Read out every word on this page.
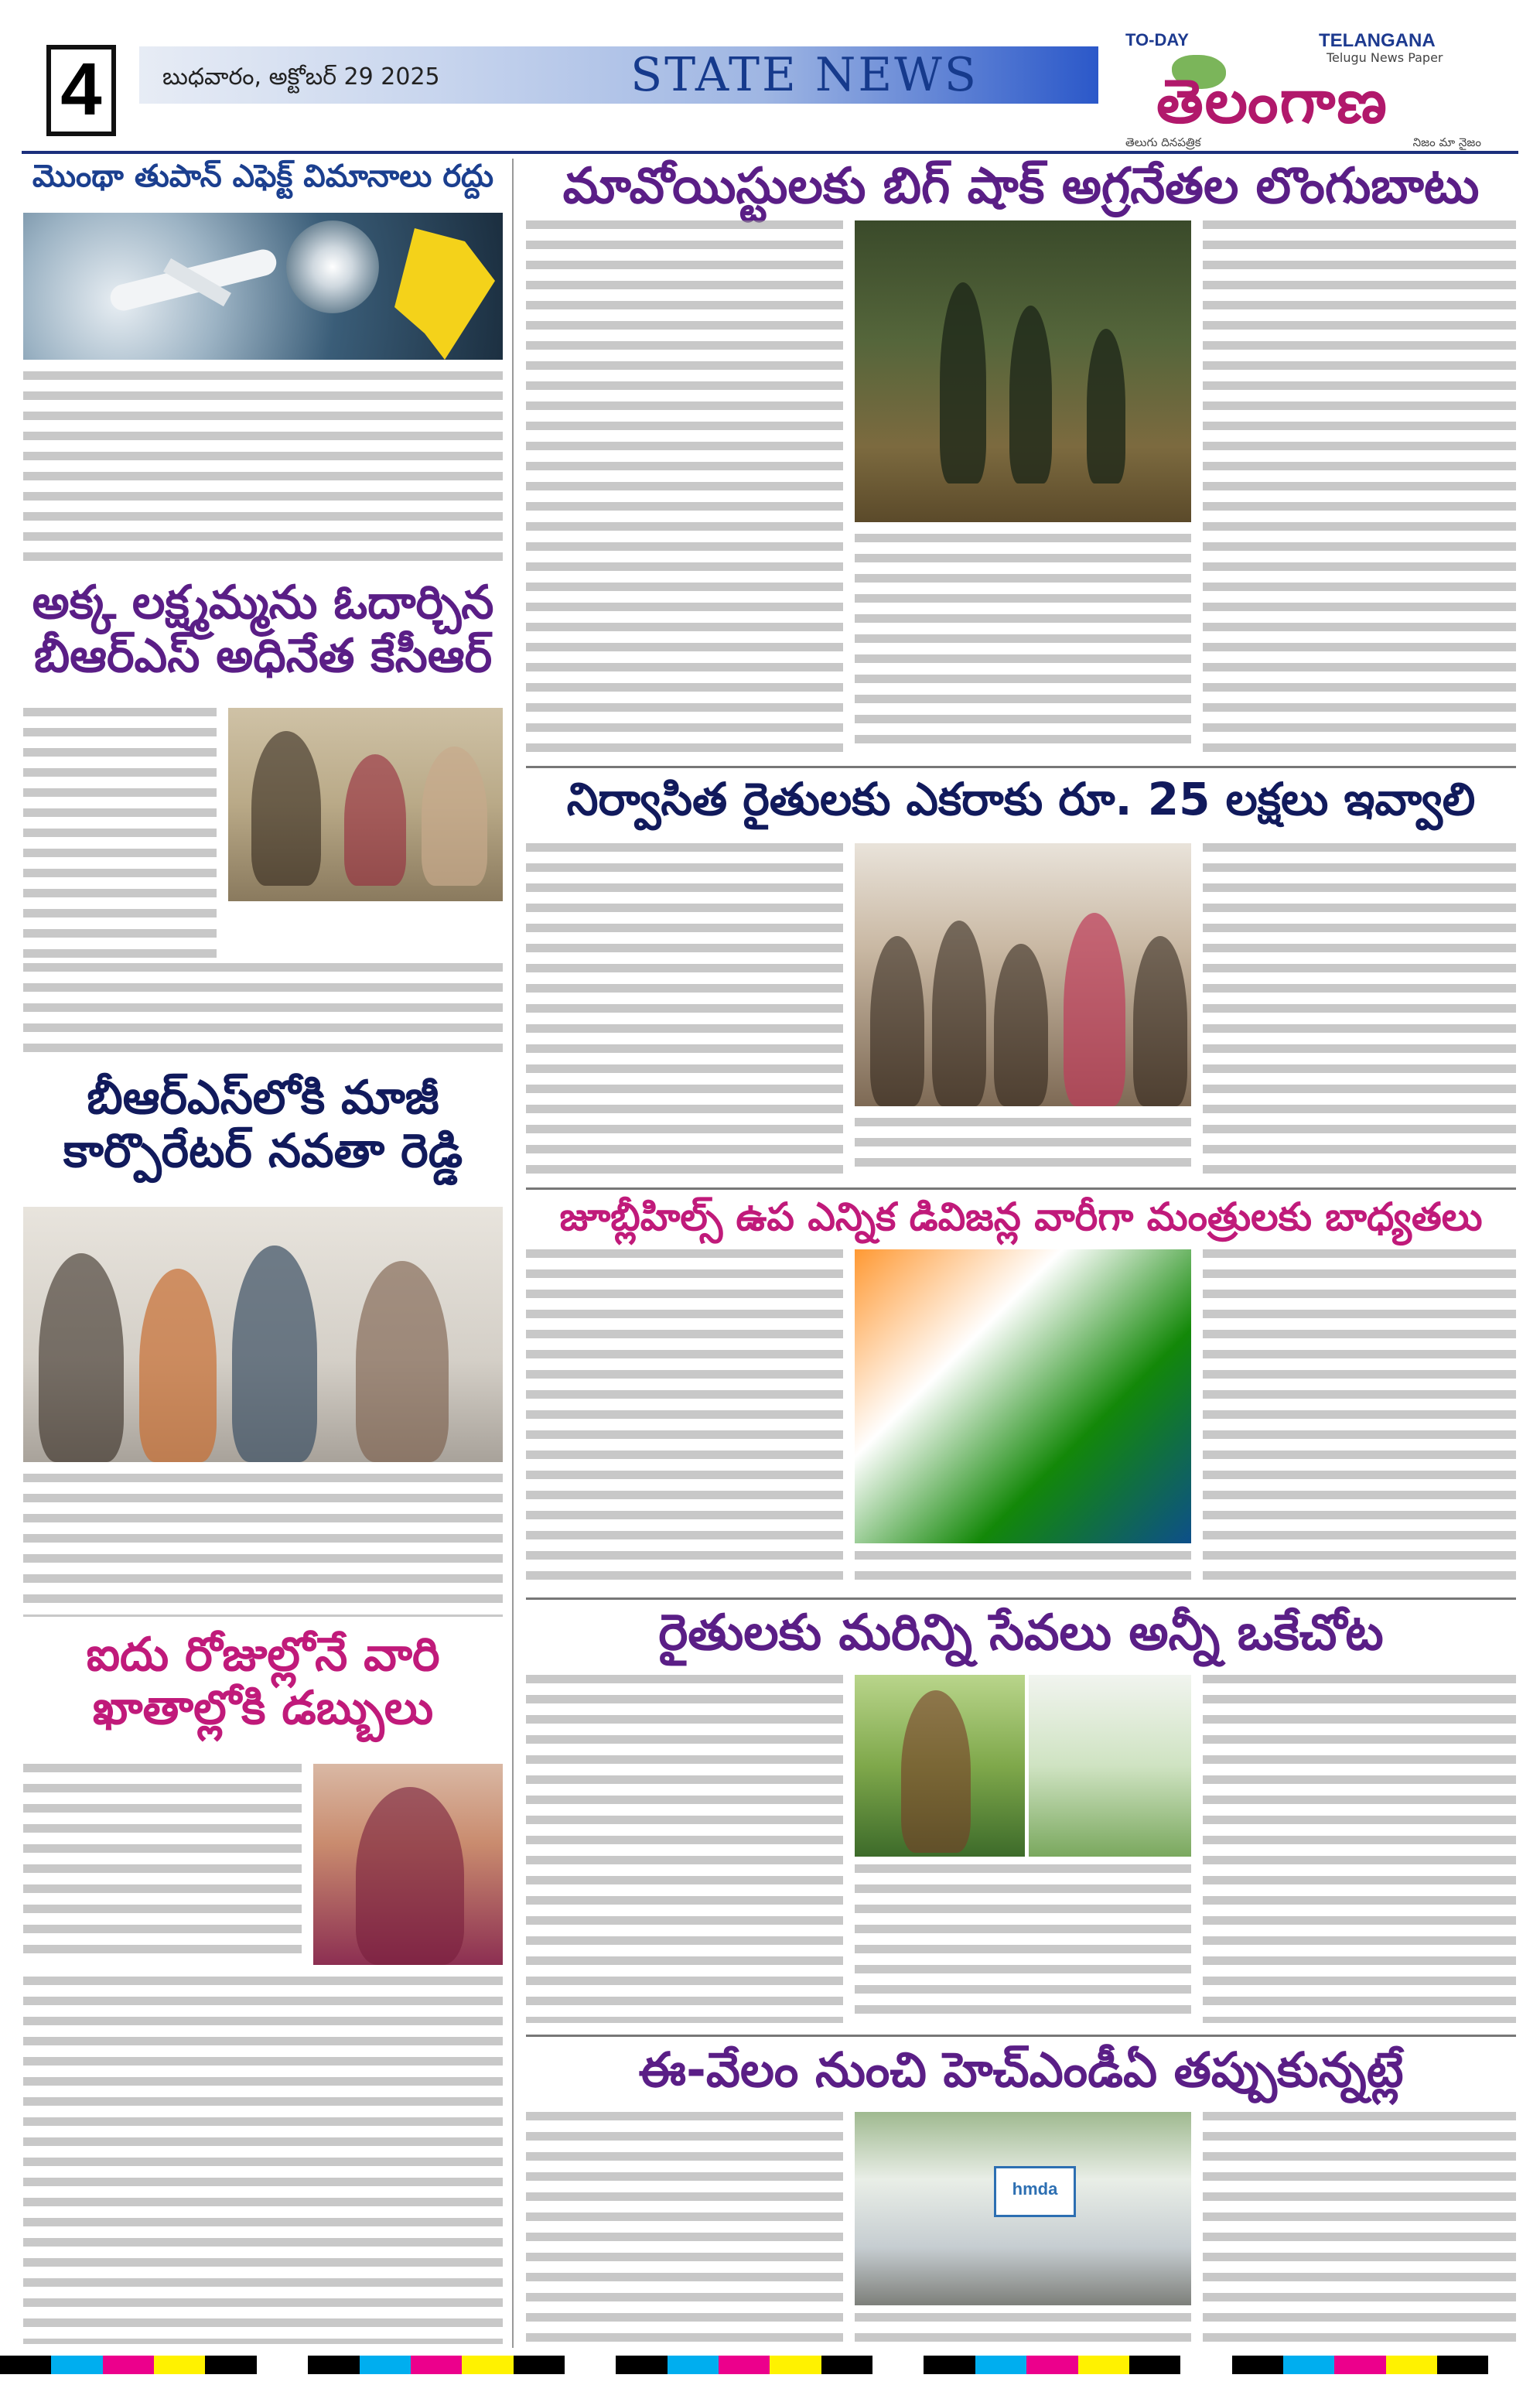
4	బుధవారం, అక్టోబర్ 29 2025	STATE NEWS
TO-DAY	TELANGANA
Telugu News Paper
తెలంగాణ
తెలుగు దినపత్రిక	నిజం మా నైజం
మొంథా తుపాన్ ఎఫెక్ట్ విమానాలు రద్దు
అక్క లక్ష్మమ్మను ఓదార్చిన
బీఆర్ఎస్ అధినేత కేసీఆర్
బీఆర్ఎస్‌లోకి మాజీ
కార్పొరేటర్ నవతా రెడ్డి
ఐదు రోజుల్లోనే వారి
ఖాతాల్లోకి డబ్బులు
మావోయిస్టులకు బిగ్ షాక్ అగ్రనేతల లొంగుబాటు
నిర్వాసిత రైతులకు ఎకరాకు రూ. 25 లక్షలు ఇవ్వాలి
జూబ్లీహిల్స్ ఉప ఎన్నిక డివిజన్ల వారీగా మంత్రులకు బాధ్యతలు
రైతులకు మరిన్ని సేవలు అన్నీ ఒకేచోట
ఈ-వేలం నుంచి హెచ్ఎండీఏ తప్పుకున్నట్లే
hmda
